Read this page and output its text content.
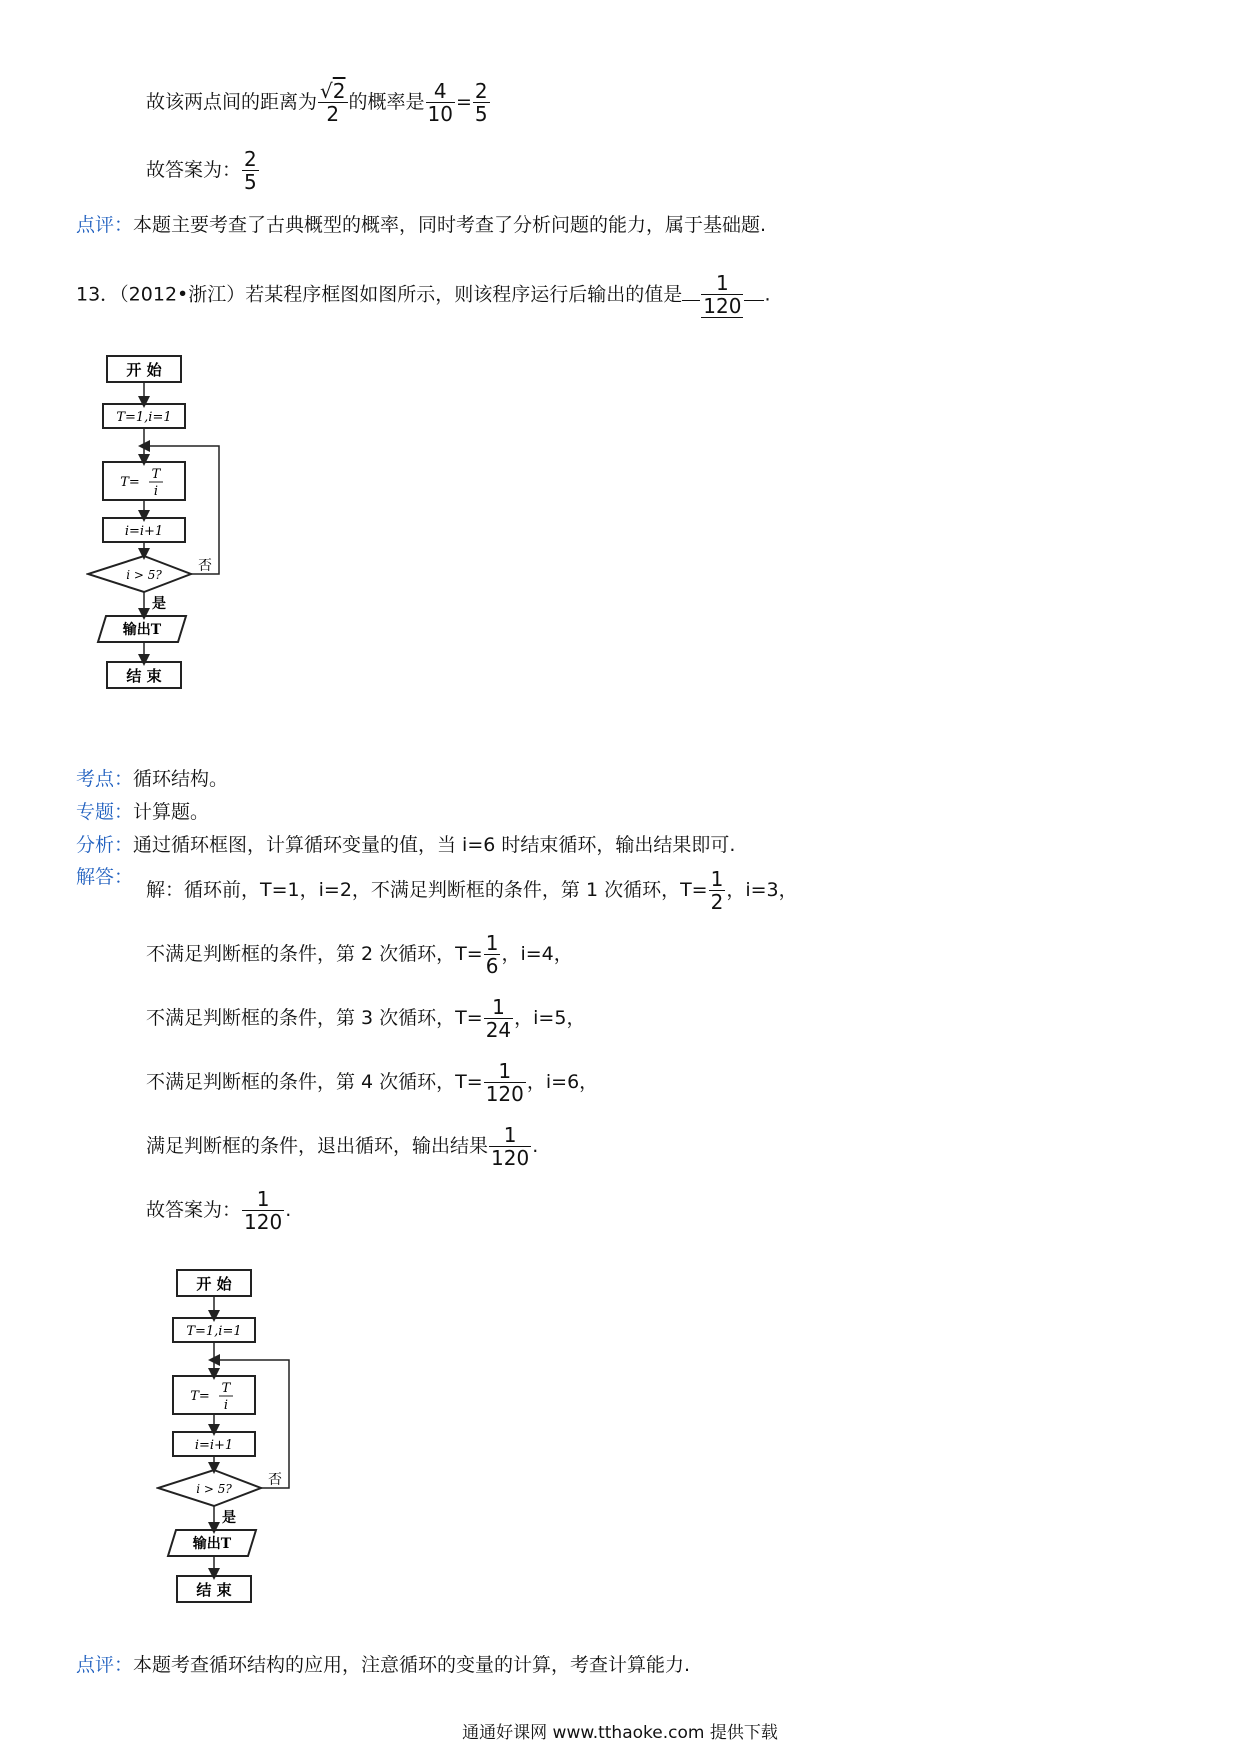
故该两点间的距离为 $\frac{√2}{2}$ 的概率是 $\frac{4}{10} = \frac{2}{5}$
故答案为： $\frac{2}{5}$
点评：本题主要考查了古典概型的概率，同时考查了分析问题的能力，属于基础题.
13．（2012•浙江）若某程序框图如图所示，则该程序运行后输出的值是 $\frac{1}{120}$ .
开 始
T=1,i=1
T=
T
i
i=i+1
i > 5?
否
是
输出T
结 束
考点：循环结构。
专题：计算题。
分析：通过循环框图，计算循环变量的值，当 i=6 时结束循环，输出结果即可.
解答：
解：循环前，T=1，i=2，不满足判断框的条件，第 1 次循环，$T= \frac{1}{2}$ ，i=3，
不满足判断框的条件，第 2 次循环，$T= \frac{1}{6}$ ，i=4，
不满足判断框的条件，第 3 次循环，$T= \frac{1}{24}$ ，i=5，
不满足判断框的条件，第 4 次循环，$T= \frac{1}{120}$ ，i=6，
满足判断框的条件，退出循环，输出结果 $\frac{1}{120}$ .
故答案为： $\frac{1}{120}$ .
开 始
T=1,i=1
T=
T
i
i=i+1
i > 5?
否
是
输出T
结 束
点评：本题考查循环结构的应用，注意循环的变量的计算，考查计算能力.
通通好课网 www.tthaoke.com 提供下载
